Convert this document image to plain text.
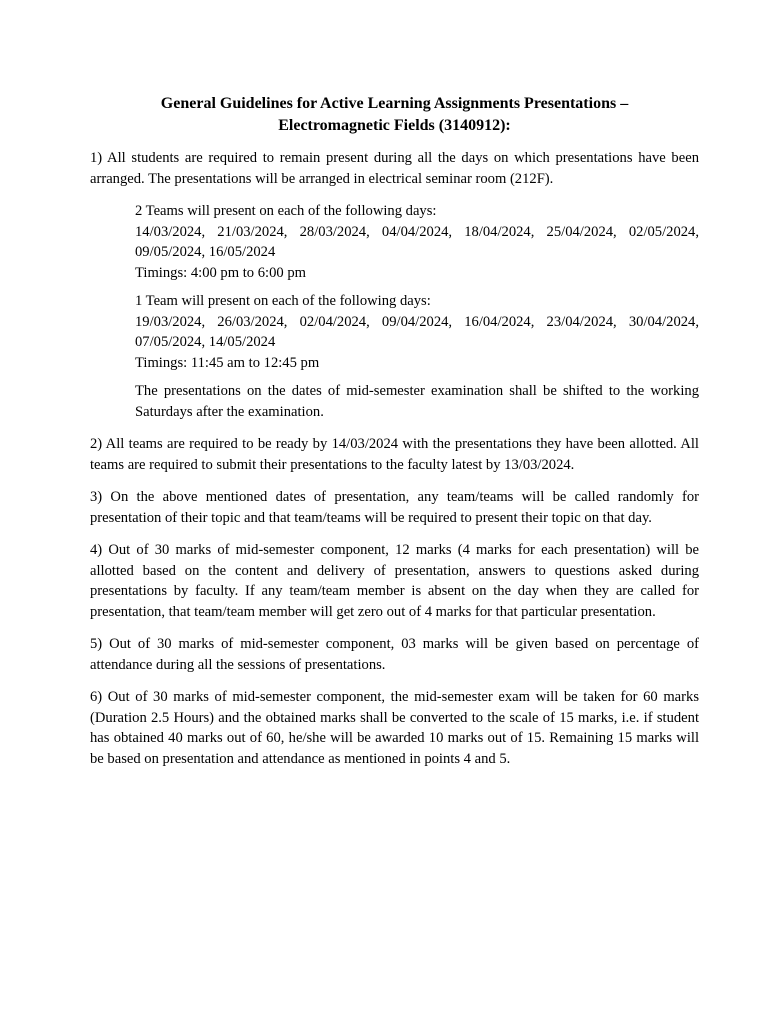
General Guidelines for Active Learning Assignments Presentations –
Electromagnetic Fields (3140912):

1) All students are required to remain present during all the days on which presentations have been arranged. The presentations will be arranged in electrical seminar room (212F).

2 Teams will present on each of the following days:
14/03/2024, 21/03/2024, 28/03/2024, 04/04/2024, 18/04/2024, 25/04/2024, 02/05/2024,
09/05/2024, 16/05/2024
Timings: 4:00 pm to 6:00 pm
1 Team will present on each of the following days:
19/03/2024, 26/03/2024, 02/04/2024, 09/04/2024, 16/04/2024, 23/04/2024, 30/04/2024,
07/05/2024, 14/05/2024
Timings: 11:45 am to 12:45 pm

The presentations on the dates of mid-semester examination shall be shifted to the working Saturdays after the examination.

2) All teams are required to be ready by 14/03/2024 with the presentations they have been allotted. All teams are required to submit their presentations to the faculty latest by 13/03/2024.

3) On the above mentioned dates of presentation, any team/teams will be called randomly for presentation of their topic and that team/teams will be required to present their topic on that day.

4) Out of 30 marks of mid-semester component, 12 marks (4 marks for each presentation) will be allotted based on the content and delivery of presentation, answers to questions asked during presentations by faculty. If any team/team member is absent on the day when they are called for presentation, that team/team member will get zero out of 4 marks for that particular presentation.

5) Out of 30 marks of mid-semester component, 03 marks will be given based on percentage of attendance during all the sessions of presentations.

6) Out of 30 marks of mid-semester component, the mid-semester exam will be taken for 60 marks (Duration 2.5 Hours) and the obtained marks shall be converted to the scale of 15 marks, i.e. if student has obtained 40 marks out of 60, he/she will be awarded 10 marks out of 15. Remaining 15 marks will be based on presentation and attendance as mentioned in points 4 and 5.
